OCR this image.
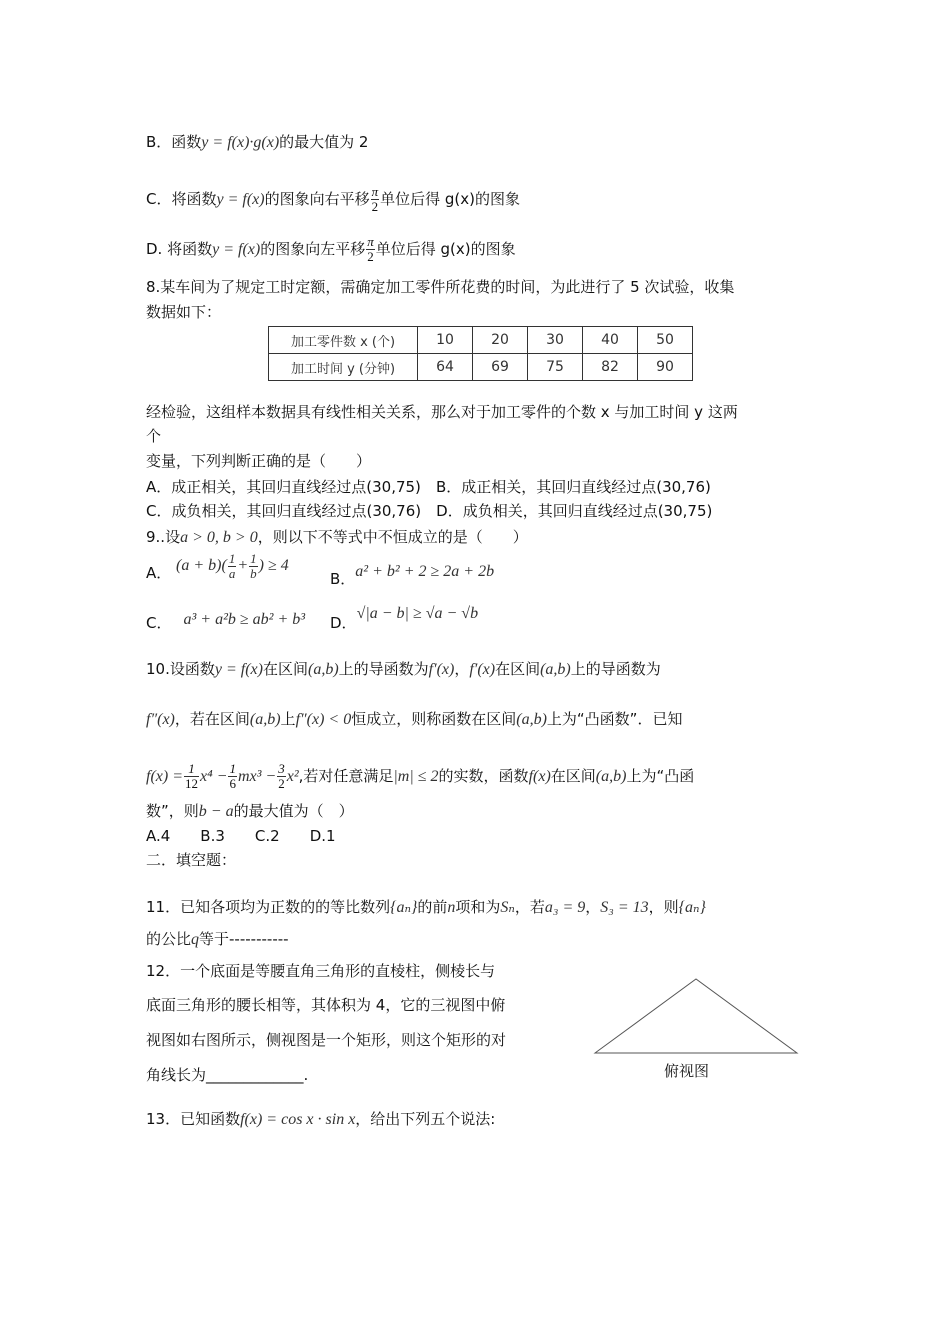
B．函数y = f(x)·g(x)的最大值为 2
C．将函数y = f(x)的图象向右平移 $\frac{\pi}{2}$ 单位后得 g(x)的图象
D. 将函数y = f(x)的图象向左平移 $\frac{\pi}{2}$ 单位后得 g(x)的图象
8.某车间为了规定工时定额，需确定加工零件所花费的时间，为此进行了 5 次试验，收集
数据如下：
加工零件数 x (个)	10	20	30	40	50
加工时间 y (分钟)	64	69	75	82	90
经检验，这组样本数据具有线性相关关系，那么对于加工零件的个数 x 与加工时间 y 这两
个
变量，下列判断正确的是（　　）
A．成正相关，其回归直线经过点(30,75)　 B．成正相关，其回归直线经过点(30,76)
C．成负相关，其回归直线经过点(30,76)　 D．成负相关，其回归直线经过点(30,75)
9..设a > 0, b > 0，则以下不等式中不恒成立的是（　　）
A． $(a + b)( \frac{1}{a} + \frac{1}{b}$ ) ≥ 4
B．a² + b² + 2 ≥ 2a + 2b
C． a³ + a²b ≥ ab² + b³ D．√|a − b| ≥ √a − √b
10.设函数y = f(x)在区间(a,b)上的导函数为f′(x)，f′(x)在区间(a,b)上的导函数为
f″(x)，若在区间(a,b)上f″(x) < 0恒成立，则称函数在区间(a,b)上为“凸函数”．已知
$f(x) = \frac{1}{12} x^4 - \frac{1}{6} mx^3 - \frac{3}{2} x^2$,若对任意满足|m| ≤ 2的实数，函数f(x)在区间(a,b)上为“凸函
数”，则b − a的最大值为（　）
A.4　　B.3　　C.2　　D.1
二．填空题：
11．已知各项均为正数的的等比数列{aₙ}的前n项和为Sₙ，若a₃ = 9，S₃ = 13，则{aₙ}
的公比q等于-----------
12．一个底面是等腰直角三角形的直棱柱，侧棱长与
底面三角形的腰长相等，其体积为 4，它的三视图中俯
视图如右图所示，侧视图是一个矩形，则这个矩形的对
角线长为_____________.	俯视图
13．已知函数f(x) = cos x · sin x，给出下列五个说法:
